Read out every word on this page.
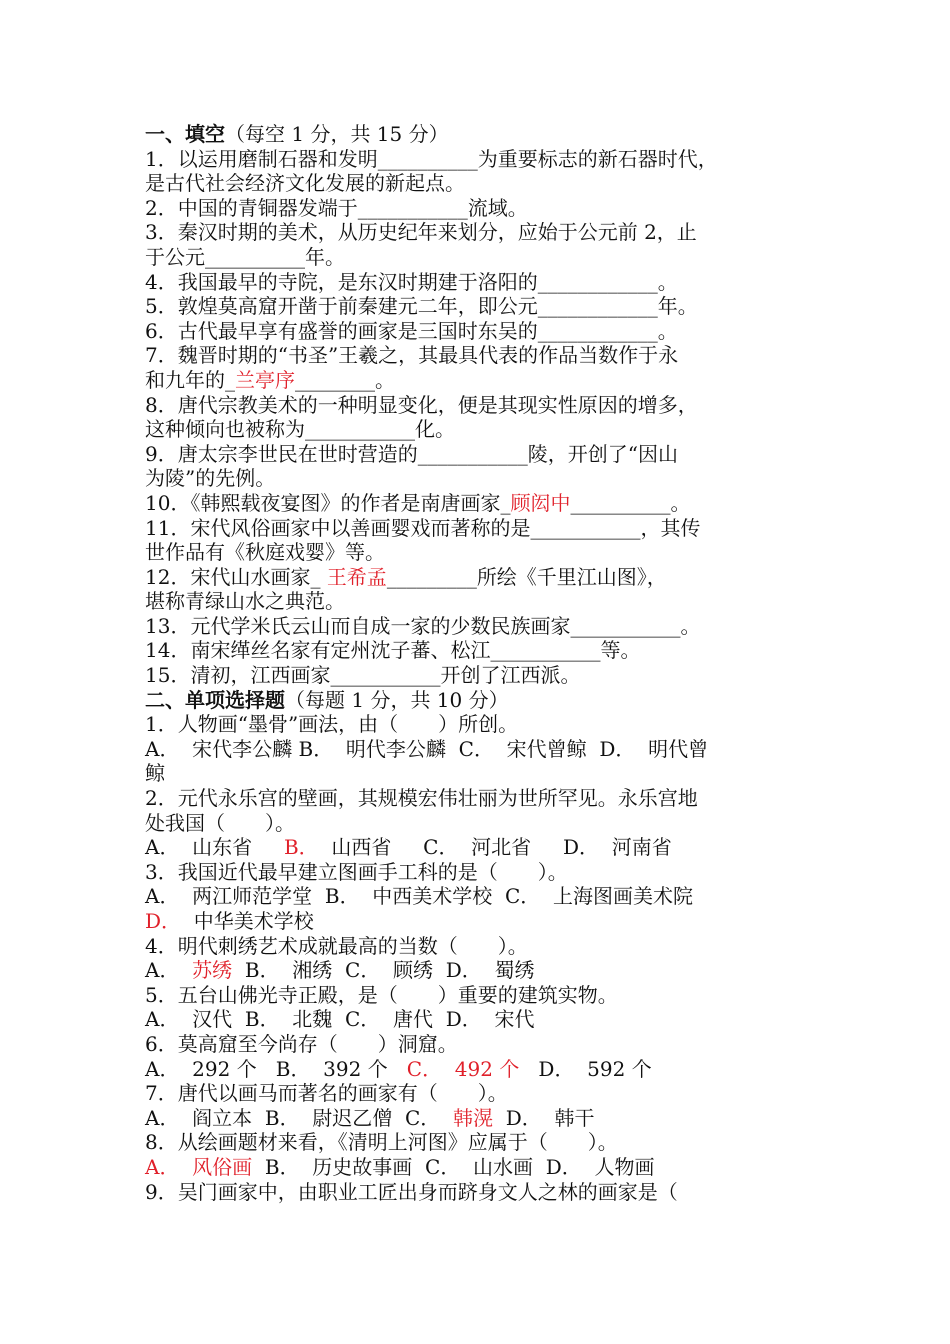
一、填空（每空 1 分，共 15 分）
1．以运用磨制石器和发明__________为重要标志的新石器时代，
是古代社会经济文化发展的新起点。
2．中国的青铜器发端于___________流域。
3．秦汉时期的美术，从历史纪年来划分，应始于公元前 2，止
于公元__________年。
4．我国最早的寺院，是东汉时期建于洛阳的____________。
5．敦煌莫高窟开凿于前秦建元二年，即公元____________年。
6．古代最早享有盛誉的画家是三国时东吴的____________。
7．魏晋时期的“书圣”王羲之，其最具代表的作品当数作于永
和九年的_兰亭序________。
8．唐代宗教美术的一种明显变化，便是其现实性原因的增多，
这种倾向也被称为___________化。
9．唐太宗李世民在世时营造的___________陵，开创了“因山
为陵”的先例。
10．《韩熙载夜宴图》的作者是南唐画家_顾闳中__________。
11．宋代风俗画家中以善画婴戏而著称的是___________，其传
世作品有《秋庭戏婴》等。
12．宋代山水画家_ 王希孟_________所绘《千里江山图》，
堪称青绿山水之典范。
13．元代学米氏云山而自成一家的少数民族画家___________。
14．南宋缂丝名家有定州沈子蕃、松江___________等。
15．清初，江西画家___________开创了江西派。
二、单项选择题（每题 1 分，共 10 分）
1．人物画“墨骨”画法，由（　　）所创。
A．  宋代李公麟 B．  明代李公麟  C．  宋代曾鲸  D．  明代曾
鲸
2．元代永乐宫的壁画，其规模宏伟壮丽为世所罕见。永乐宫地
处我国（　　）。
A．  山东省     B．  山西省     C．  河北省     D．  河南省
3．我国近代最早建立图画手工科的是（　　）。
A．  两江师范学堂  B．  中西美术学校  C．  上海图画美术院
D．  中华美术学校
4．明代刺绣艺术成就最高的当数（　　）。
A．  苏绣  B．  湘绣  C．  顾绣  D．  蜀绣
5．五台山佛光寺正殿，是（　　）重要的建筑实物。
A．  汉代  B．  北魏  C．  唐代  D．  宋代
6．莫高窟至今尚存（　　）洞窟。
A．  292 个   B．  392 个   C．  492 个   D．  592 个
7．唐代以画马而著名的画家有（　　）。
A．  阎立本  B．  尉迟乙僧  C．  韩滉  D．  韩干
8．从绘画题材来看，《清明上河图》应属于（　　）。
A．  风俗画  B．  历史故事画  C．  山水画  D．  人物画
9．吴门画家中，由职业工匠出身而跻身文人之林的画家是（
